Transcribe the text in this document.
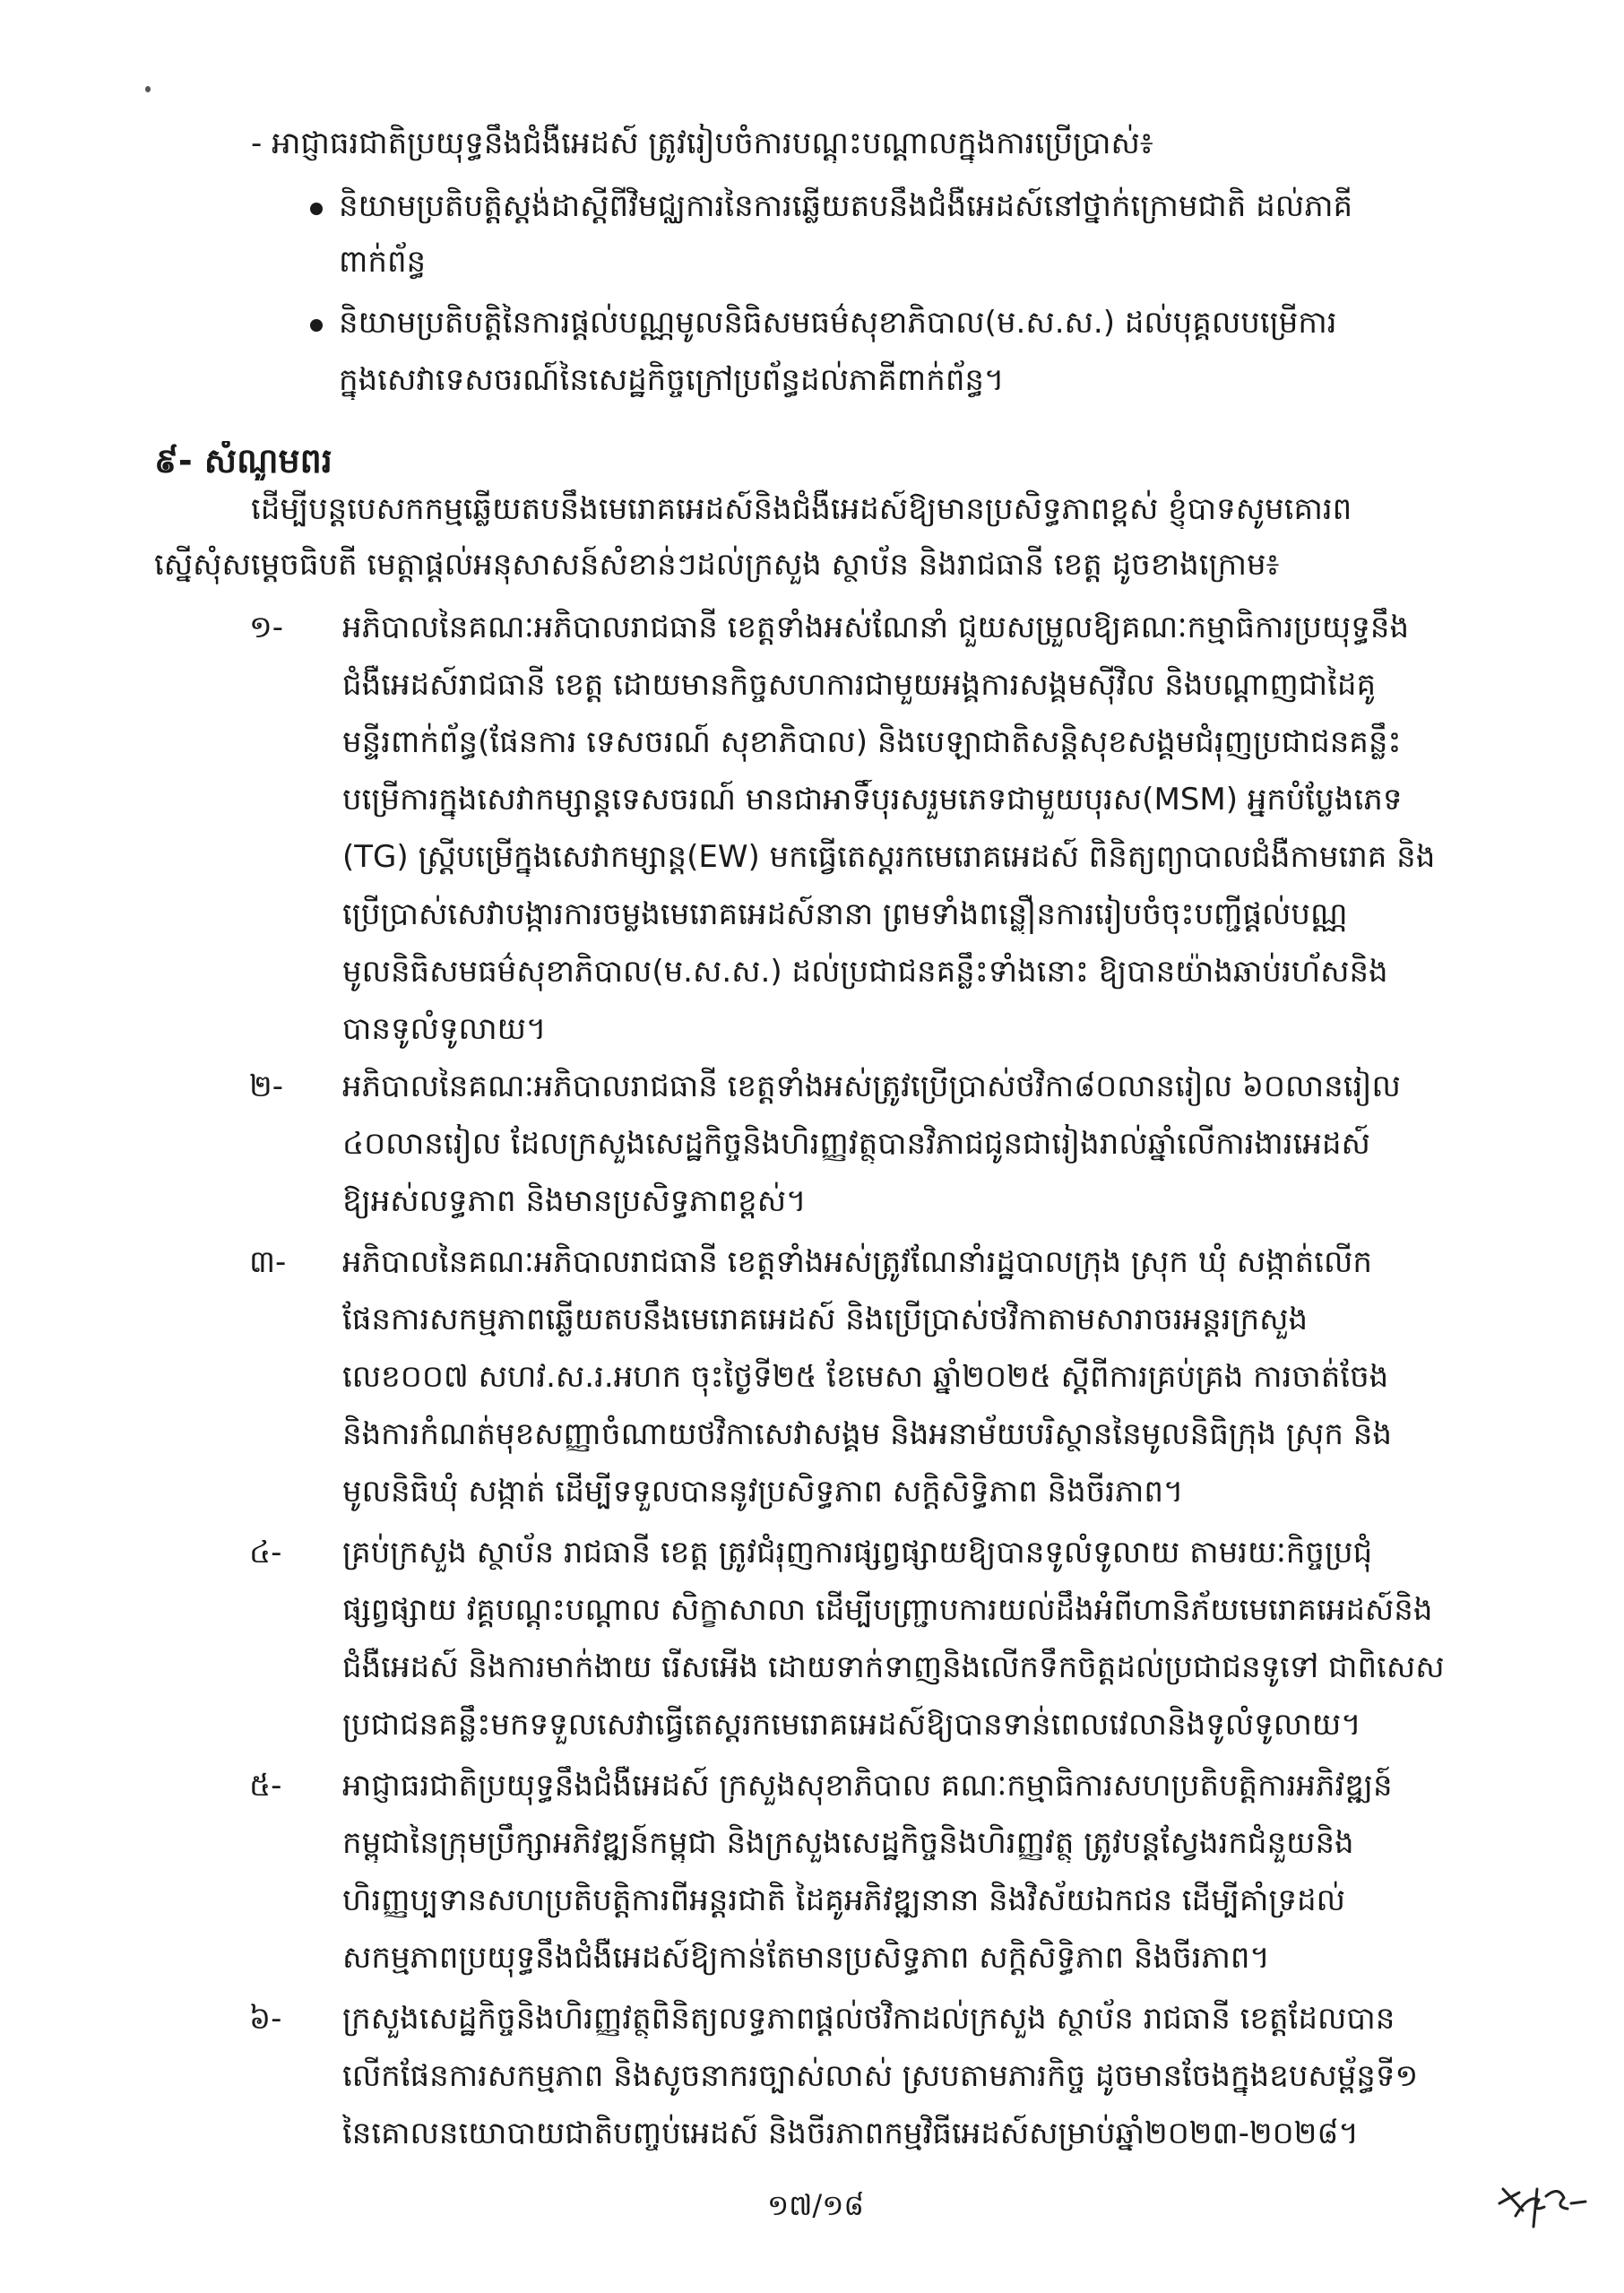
- អាជ្ញាធរជាតិប្រយុទ្ធនឹងជំងឺអេដស៍ ត្រូវរៀបចំការបណ្តុះបណ្តាលក្នុងការប្រើប្រាស់៖
និយាមប្រតិបត្តិស្តង់ដាស្តីពីវិមជ្ឈការនៃការឆ្លើយតបនឹងជំងឺអេដស៍នៅថ្នាក់ក្រោមជាតិ ដល់ភាគី
ពាក់ព័ន្ធ
និយាមប្រតិបត្តិនៃការផ្តល់បណ្ណមូលនិធិសមធម៌សុខាភិបាល(ម.ស.ស.) ដល់បុគ្គលបម្រើការ
ក្នុងសេវាទេសចរណ៍នៃសេដ្ឋកិច្ចក្រៅប្រព័ន្ធដល់ភាគីពាក់ព័ន្ធ។
៩- សំណូមពរ
ដើម្បីបន្តបេសកកម្មឆ្លើយតបនឹងមេរោគអេដស៍និងជំងឺអេដស៍ឱ្យមានប្រសិទ្ធភាពខ្ពស់ ខ្ញុំបាទសូមគោរព
ស្នើសុំសម្តេចធិបតី មេត្តាផ្តល់អនុសាសន៍សំខាន់ៗដល់ក្រសួង ស្ថាប័ន និងរាជធានី ខេត្ត ដូចខាងក្រោម៖
១-	អភិបាលនៃគណៈអភិបាលរាជធានី ខេត្តទាំងអស់ណែនាំ ជួយសម្រួលឱ្យគណៈកម្មាធិការប្រយុទ្ធនឹង
ជំងឺអេដស៍រាជធានី ខេត្ត ដោយមានកិច្ចសហការជាមួយអង្គការសង្គមស៊ីវិល និងបណ្តាញជាដៃគូ
មន្ទីរពាក់ព័ន្ធ(ផែនការ ទេសចរណ៍ សុខាភិបាល) និងបេឡាជាតិសន្តិសុខសង្គមជំរុញប្រជាជនគន្លឹះ
បម្រើការក្នុងសេវាកម្សាន្តទេសចរណ៍ មានជាអាទិ៍បុរសរួមភេទជាមួយបុរស(MSM) អ្នកបំប្លែងភេទ
(TG) ស្ត្រីបម្រើក្នុងសេវាកម្សាន្ត(EW) មកធ្វើតេស្តរកមេរោគអេដស៍ ពិនិត្យព្យាបាលជំងឺកាមរោគ និង
ប្រើប្រាស់សេវាបង្ការការចម្លងមេរោគអេដស៍នានា ព្រមទាំងពន្លឿនការរៀបចំចុះបញ្ជីផ្តល់បណ្ណ
មូលនិធិសមធម៌សុខាភិបាល(ម.ស.ស.) ដល់ប្រជាជនគន្លឹះទាំងនោះ ឱ្យបានយ៉ាងឆាប់រហ័សនិង
បានទូលំទូលាយ។
២-	អភិបាលនៃគណៈអភិបាលរាជធានី ខេត្តទាំងអស់ត្រូវប្រើប្រាស់ថវិកា៨០លានរៀល ៦០លានរៀល
៤០លានរៀល ដែលក្រសួងសេដ្ឋកិច្ចនិងហិរញ្ញវត្ថុបានវិភាជជូនជារៀងរាល់ឆ្នាំលើការងារអេដស៍
ឱ្យអស់លទ្ធភាព និងមានប្រសិទ្ធភាពខ្ពស់។
៣-	អភិបាលនៃគណៈអភិបាលរាជធានី ខេត្តទាំងអស់ត្រូវណែនាំរដ្ឋបាលក្រុង ស្រុក ឃុំ សង្កាត់លើក
ផែនការសកម្មភាពឆ្លើយតបនឹងមេរោគអេដស៍ និងប្រើប្រាស់ថវិកាតាមសារាចរអន្តរក្រសួង
លេខ០០៧ សហវ.ស.រ.អហក ចុះថ្ងៃទី២៥ ខែមេសា ឆ្នាំ២០២៥ ស្តីពីការគ្រប់គ្រង ការចាត់ចែង
និងការកំណត់មុខសញ្ញាចំណាយថវិកាសេវាសង្គម និងអនាម័យបរិស្ថាននៃមូលនិធិក្រុង ស្រុក និង
មូលនិធិឃុំ សង្កាត់ ដើម្បីទទួលបាននូវប្រសិទ្ធភាព សក្តិសិទ្ធិភាព និងចីរភាព។
៤-	គ្រប់ក្រសួង ស្ថាប័ន រាជធានី ខេត្ត ត្រូវជំរុញការផ្សព្វផ្សាយឱ្យបានទូលំទូលាយ តាមរយៈកិច្ចប្រជុំ
ផ្សព្វផ្សាយ វគ្គបណ្តុះបណ្តាល សិក្ខាសាលា ដើម្បីបញ្ជ្រាបការយល់ដឹងអំពីហានិភ័យមេរោគអេដស៍និង
ជំងឺអេដស៍ និងការមាក់ងាយ រើសអើង ដោយទាក់ទាញនិងលើកទឹកចិត្តដល់ប្រជាជនទូទៅ ជាពិសេស
ប្រជាជនគន្លឹះមកទទួលសេវាធ្វើតេស្តរកមេរោគអេដស៍ឱ្យបានទាន់ពេលវេលានិងទូលំទូលាយ។
៥-	អាជ្ញាធរជាតិប្រយុទ្ធនឹងជំងឺអេដស៍ ក្រសួងសុខាភិបាល គណៈកម្មាធិការសហប្រតិបត្តិការអភិវឌ្ឍន៍
កម្ពុជានៃក្រុមប្រឹក្សាអភិវឌ្ឍន៍កម្ពុជា និងក្រសួងសេដ្ឋកិច្ចនិងហិរញ្ញវត្ថុ ត្រូវបន្តស្វែងរកជំនួយនិង
ហិរញ្ញប្បទានសហប្រតិបត្តិការពីអន្តរជាតិ ដៃគូអភិវឌ្ឍនានា និងវិស័យឯកជន ដើម្បីគាំទ្រដល់
សកម្មភាពប្រយុទ្ធនឹងជំងឺអេដស៍ឱ្យកាន់តែមានប្រសិទ្ធភាព សក្តិសិទ្ធិភាព និងចីរភាព។
៦-	ក្រសួងសេដ្ឋកិច្ចនិងហិរញ្ញវត្ថុពិនិត្យលទ្ធភាពផ្តល់ថវិកាដល់ក្រសួង ស្ថាប័ន រាជធានី ខេត្តដែលបាន
លើកផែនការសកម្មភាព និងសូចនាករច្បាស់លាស់ ស្របតាមភារកិច្ច ដូចមានចែងក្នុងឧបសម្ព័ន្ធទី១
នៃគោលនយោបាយជាតិបញ្ចប់អេដស៍ និងចីរភាពកម្មវិធីអេដស៍សម្រាប់ឆ្នាំ២០២៣-២០២៨។
១៧/១៨
